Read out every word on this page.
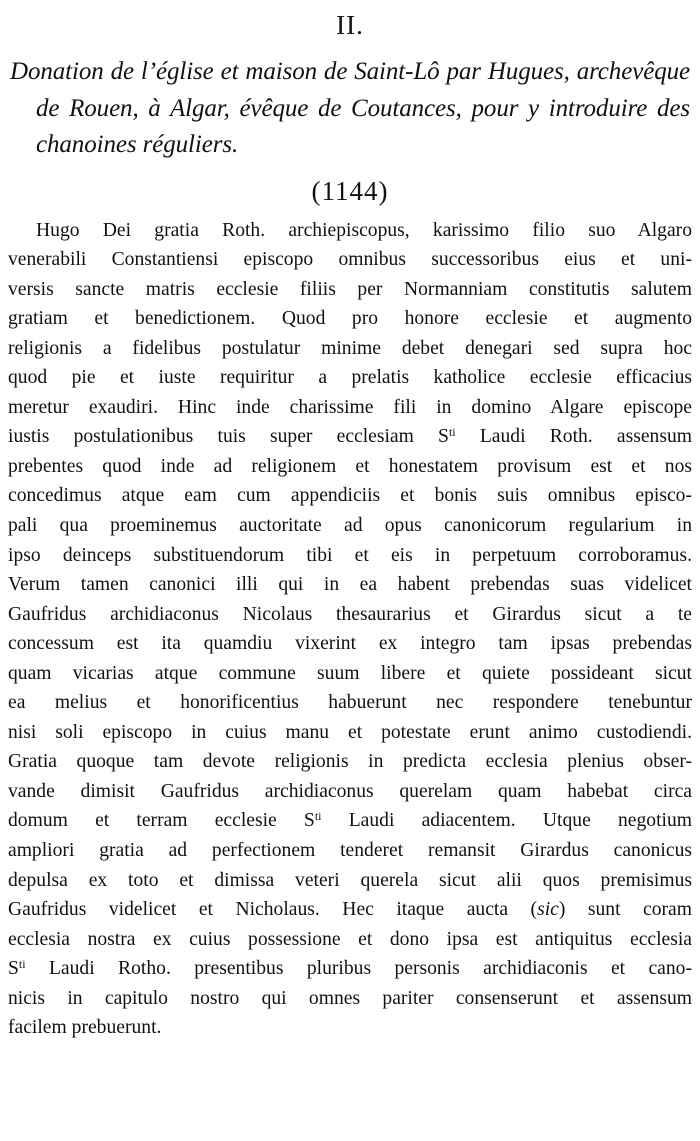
II.
Donation de l’église et maison de Saint-Lô par Hugues, archevêque de Rouen, à Algar, évêque de Coutances, pour y introduire des chanoines réguliers.
(1144)
Hugo Dei gratia Roth. archiepiscopus, karissimo filio suo Algaro
venerabili Constantiensi episcopo omnibus successoribus eius et uni-
versis sancte matris ecclesie filiis per Normanniam constitutis salutem
gratiam et benedictionem. Quod pro honore ecclesie et augmento
religionis a fidelibus postulatur minime debet denegari sed supra hoc
quod pie et iuste requiritur a prelatis katholice ecclesie efficacius
meretur exaudiri. Hinc inde charissime fili in domino Algare episcope
iustis postulationibus tuis super ecclesiam $S^{ti}$ Laudi Roth. assensum
prebentes quod inde ad religionem et honestatem provisum est et nos
concedimus atque eam cum appendiciis et bonis suis omnibus episco-
pali qua proeminemus auctoritate ad opus canonicorum regularium in
ipso deinceps substituendorum tibi et eis in perpetuum corroboramus.
Verum tamen canonici illi qui in ea habent prebendas suas videlicet
Gaufridus archidiaconus Nicolaus thesaurarius et Girardus sicut a te
concessum est ita quamdiu vixerint ex integro tam ipsas prebendas
quam vicarias atque commune suum libere et quiete possideant sicut
ea melius et honorificentius habuerunt nec respondere tenebuntur
nisi soli episcopo in cuius manu et potestate erunt animo custodiendi.
Gratia quoque tam devote religionis in predicta ecclesia plenius obser-
vande dimisit Gaufridus archidiaconus querelam quam habebat circa
domum et terram ecclesie $S^{ti}$ Laudi adiacentem. Utque negotium
ampliori gratia ad perfectionem tenderet remansit Girardus canonicus
depulsa ex toto et dimissa veteri querela sicut alii quos premisimus
Gaufridus videlicet et Nicholaus. Hec itaque aucta (sic) sunt coram
ecclesia nostra ex cuius possessione et dono ipsa est antiquitus ecclesia
$S^{ti}$ Laudi Rotho. presentibus pluribus personis archidiaconis et cano-
nicis in capitulo nostro qui omnes pariter consenserunt et assensum
facilem prebuerunt.
